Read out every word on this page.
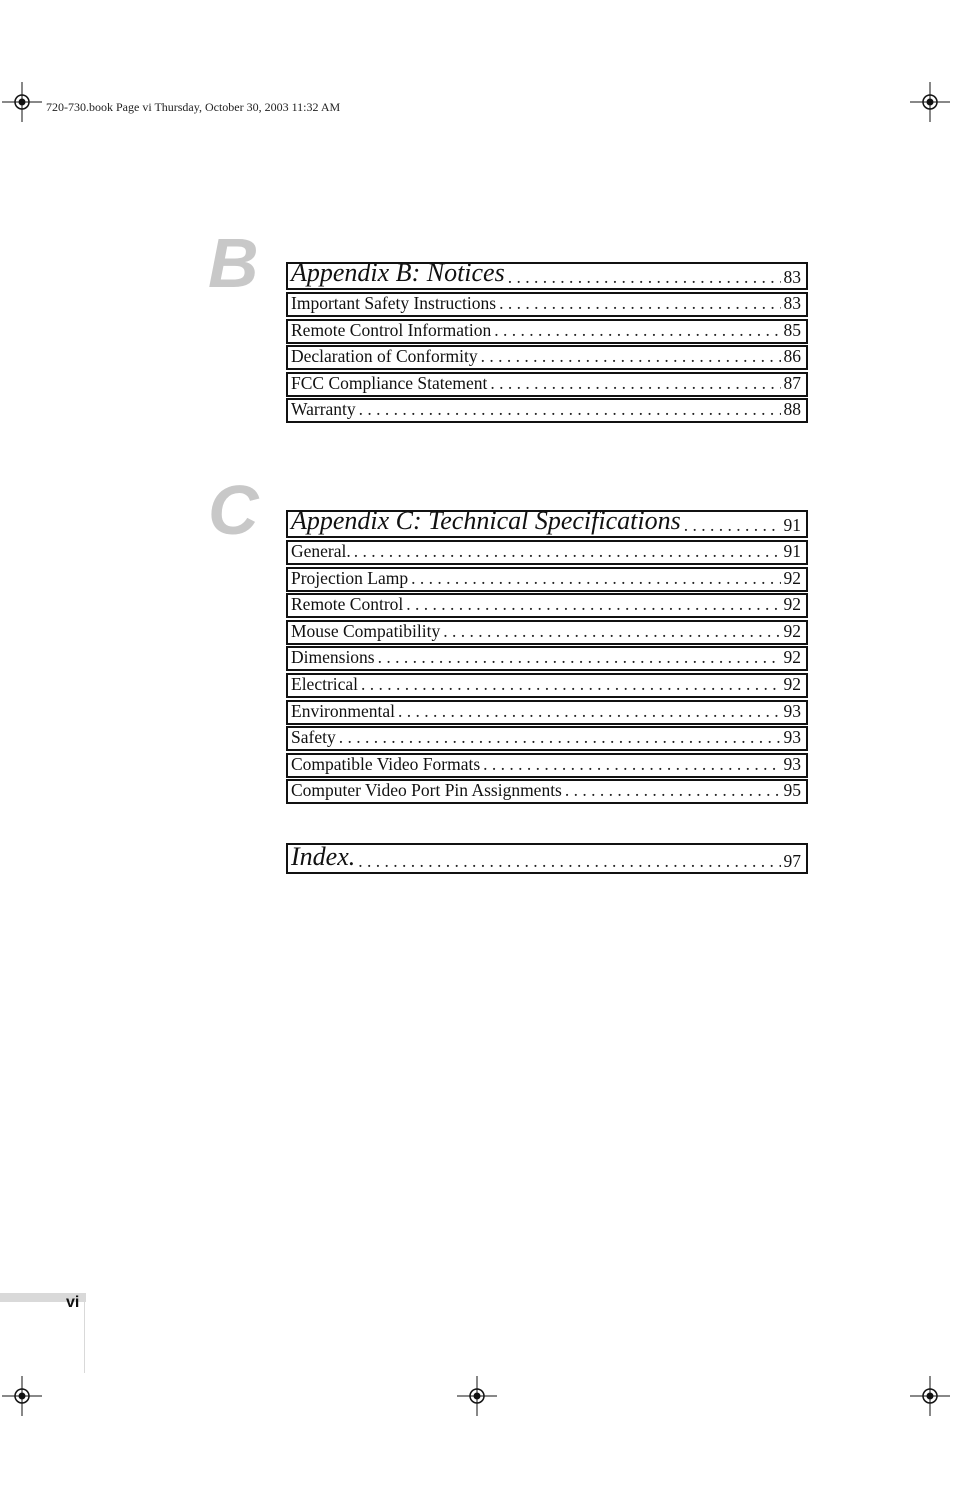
720-730.book Page vi Thursday, October 30, 2003 11:32 AM
B Appendix B: Notices . . .	83
Important Safety Instructions . . .	83
Remote Control Information . . .	85
Declaration of Conformity . . .	86
FCC Compliance Statement . . .	87
Warranty . . .	88
C Appendix C: Technical Specifications . . .	91
General. . . .	91
Projection Lamp . . .	92
Remote Control . . .	92
Mouse Compatibility . . .	92
Dimensions . . .	92
Electrical . . .	92
Environmental . . .	93
Safety . . .	93
Compatible Video Formats . . .	93
Computer Video Port Pin Assignments . . .	95
Index. . . .	97
vi
